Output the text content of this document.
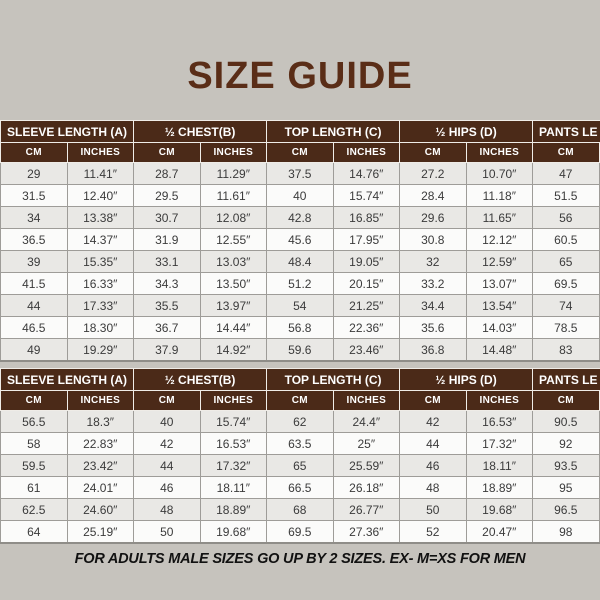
SIZE GUIDE
SLEEVE LENGTH (A)		½ CHEST(B)		TOP LENGTH (C)		½ HIPS (D)		PANTS LE	
CM	INCHES	CM	INCHES	CM	INCHES	CM	INCHES	CM	
29	11.41″	28.7	11.29″	37.5	14.76″	27.2	10.70″	47	
31.5	12.40″	29.5	11.61″	40	15.74″	28.4	11.18″	51.5	
34	13.38″	30.7	12.08″	42.8	16.85″	29.6	11.65″	56	
36.5	14.37″	31.9	12.55″	45.6	17.95″	30.8	12.12″	60.5	
39	15.35″	33.1	13.03″	48.4	19.05″	32	12.59″	65	
41.5	16.33″	34.3	13.50″	51.2	20.15″	33.2	13.07″	69.5	
44	17.33″	35.5	13.97″	54	21.25″	34.4	13.54″	74	
46.5	18.30″	36.7	14.44″	56.8	22.36″	35.6	14.03″	78.5	
49	19.29″	37.9	14.92″	59.6	23.46″	36.8	14.48″	83	
SLEEVE LENGTH (A)		½ CHEST(B)		TOP LENGTH (C)		½ HIPS (D)		PANTS LE	
CM	INCHES	CM	INCHES	CM	INCHES	CM	INCHES	CM	
56.5	18.3″	40	15.74″	62	24.4″	42	16.53″	90.5	
58	22.83″	42	16.53″	63.5	25″	44	17.32″	92	
59.5	23.42″	44	17.32″	65	25.59″	46	18.11″	93.5	
61	24.01″	46	18.11″	66.5	26.18″	48	18.89″	95	
62.5	24.60″	48	18.89″	68	26.77″	50	19.68″	96.5	
64	25.19″	50	19.68″	69.5	27.36″	52	20.47″	98	
FOR ADULTS MALE SIZES GO UP BY 2 SIZES. EX- M=XS FOR MEN
